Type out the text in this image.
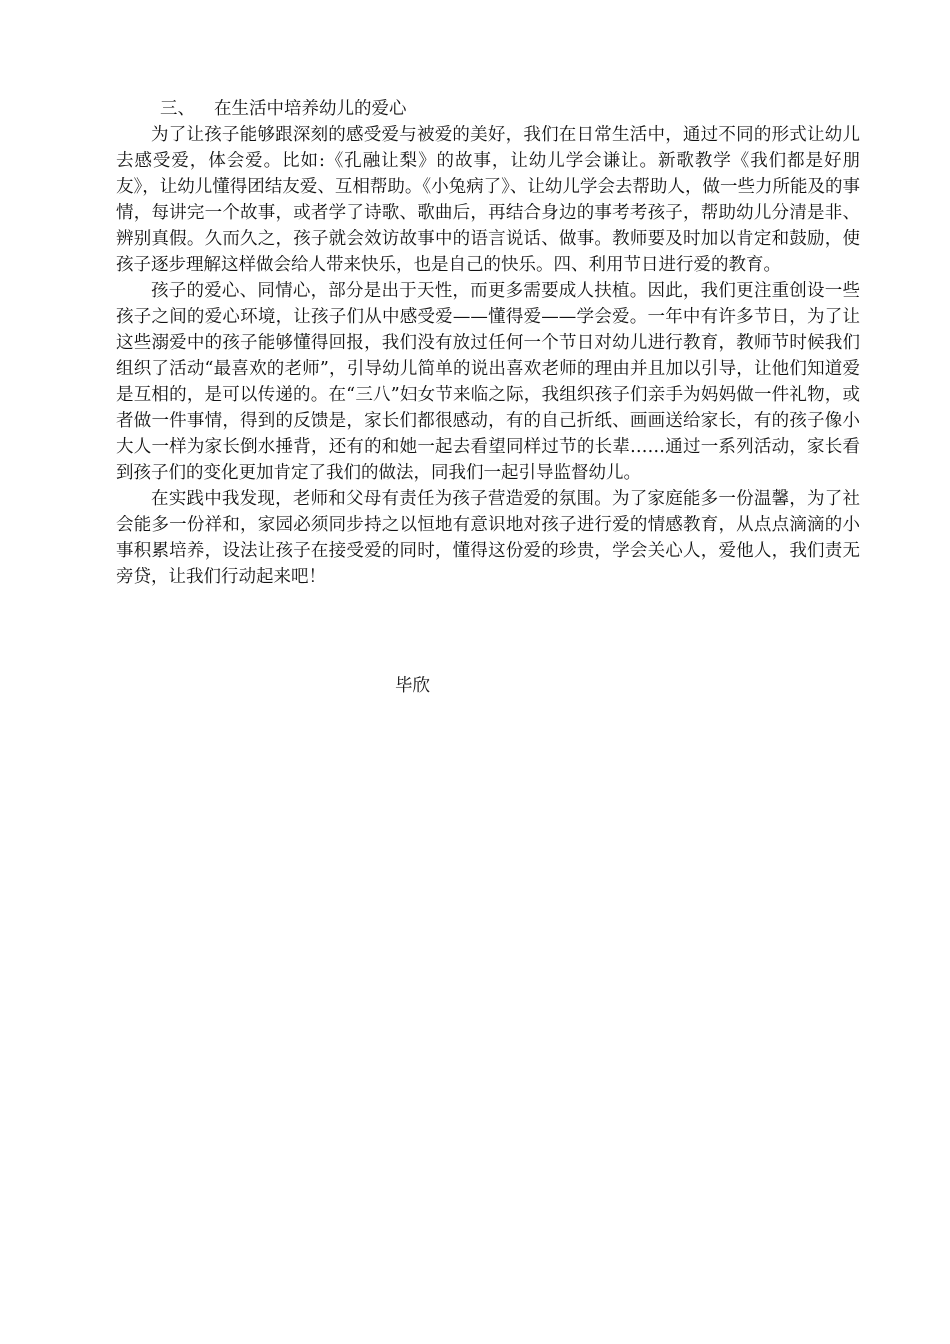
三、 在生活中培养幼儿的爱心

为了让孩子能够跟深刻的感受爱与被爱的美好，我们在日常生活中，通过不同的形式让幼儿去感受爱，体会爱。比如:《孔融让梨》的故事，让幼儿学会谦让。新歌教学《我们都是好朋友》，让幼儿懂得团结友爱、互相帮助。《小兔病了》、让幼儿学会去帮助人，做一些力所能及的事情，每讲完一个故事，或者学了诗歌、歌曲后，再结合身边的事考考孩子，帮助幼儿分清是非、辨别真假。久而久之，孩子就会效访故事中的语言说话、做事。教师要及时加以肯定和鼓励，使孩子逐步理解这样做会给人带来快乐，也是自己的快乐。四、利用节日进行爱的教育。

孩子的爱心、同情心，部分是出于天性，而更多需要成人扶植。因此，我们更注重创设一些孩子之间的爱心环境，让孩子们从中感受爱——懂得爱——学会爱。一年中有许多节日，为了让这些溺爱中的孩子能够懂得回报，我们没有放过任何一个节日对幼儿进行教育，教师节时候我们组织了活动“最喜欢的老师”，引导幼儿简单的说出喜欢老师的理由并且加以引导，让他们知道爱是互相的，是可以传递的。在“三八”妇女节来临之际，我组织孩子们亲手为妈妈做一件礼物，或者做一件事情，得到的反馈是，家长们都很感动，有的自己折纸、画画送给家长，有的孩子像小大人一样为家长倒水捶背，还有的和她一起去看望同样过节的长辈……通过一系列活动，家长看到孩子们的变化更加肯定了我们的做法，同我们一起引导监督幼儿。

在实践中我发现，老师和父母有责任为孩子营造爱的氛围。为了家庭能多一份温馨，为了社会能多一份祥和，家园必须同步持之以恒地有意识地对孩子进行爱的情感教育，从点点滴滴的小事积累培养，设法让孩子在接受爱的同时，懂得这份爱的珍贵，学会关心人，爱他人，我们责无旁贷，让我们行动起来吧！

毕欣
